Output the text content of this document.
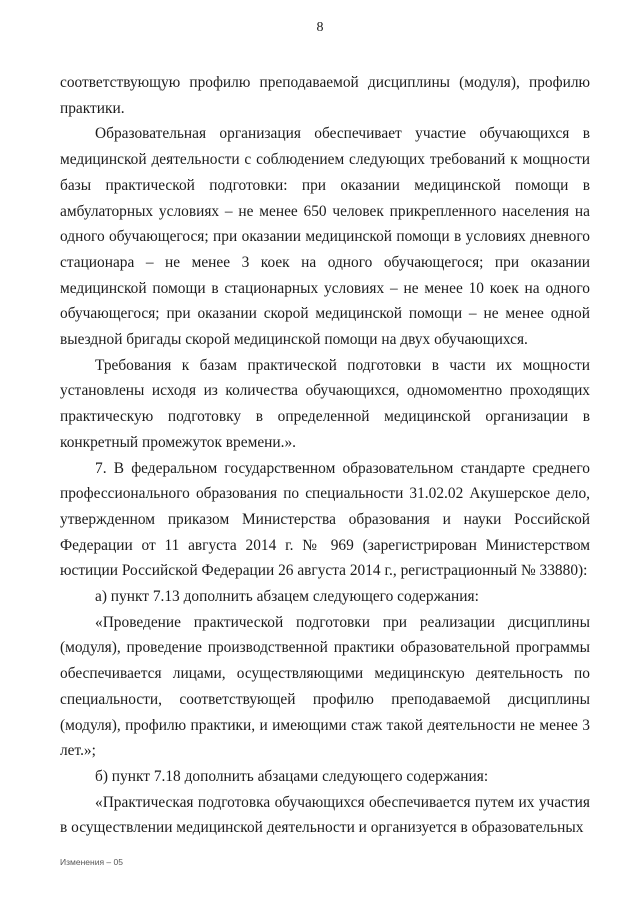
8

соответствующую профилю преподаваемой дисциплины (модуля), профилю практики.

Образовательная организация обеспечивает участие обучающихся в медицинской деятельности с соблюдением следующих требований к мощности базы практической подготовки: при оказании медицинской помощи в амбулаторных условиях – не менее 650 человек прикрепленного населения на одного обучающегося; при оказании медицинской помощи в условиях дневного стационара – не менее 3 коек на одного обучающегося; при оказании медицинской помощи в стационарных условиях – не менее 10 коек на одного обучающегося; при оказании скорой медицинской помощи – не менее одной выездной бригады скорой медицинской помощи на двух обучающихся.

Требования к базам практической подготовки в части их мощности установлены исходя из количества обучающихся, одномоментно проходящих практическую подготовку в определенной медицинской организации в конкретный промежуток времени.».

7. В федеральном государственном образовательном стандарте среднего профессионального образования по специальности 31.02.02 Акушерское дело, утвержденном приказом Министерства образования и науки Российской Федерации от 11 августа 2014 г. № 969 (зарегистрирован Министерством юстиции Российской Федерации 26 августа 2014 г., регистрационный № 33880):

а) пункт 7.13 дополнить абзацем следующего содержания:

«Проведение практической подготовки при реализации дисциплины (модуля), проведение производственной практики образовательной программы обеспечивается лицами, осуществляющими медицинскую деятельность по специальности, соответствующей профилю преподаваемой дисциплины (модуля), профилю практики, и имеющими стаж такой деятельности не менее 3 лет.»;

б) пункт 7.18 дополнить абзацами следующего содержания:

«Практическая подготовка обучающихся обеспечивается путем их участия в осуществлении медицинской деятельности и организуется в образовательных

Изменения – 05
